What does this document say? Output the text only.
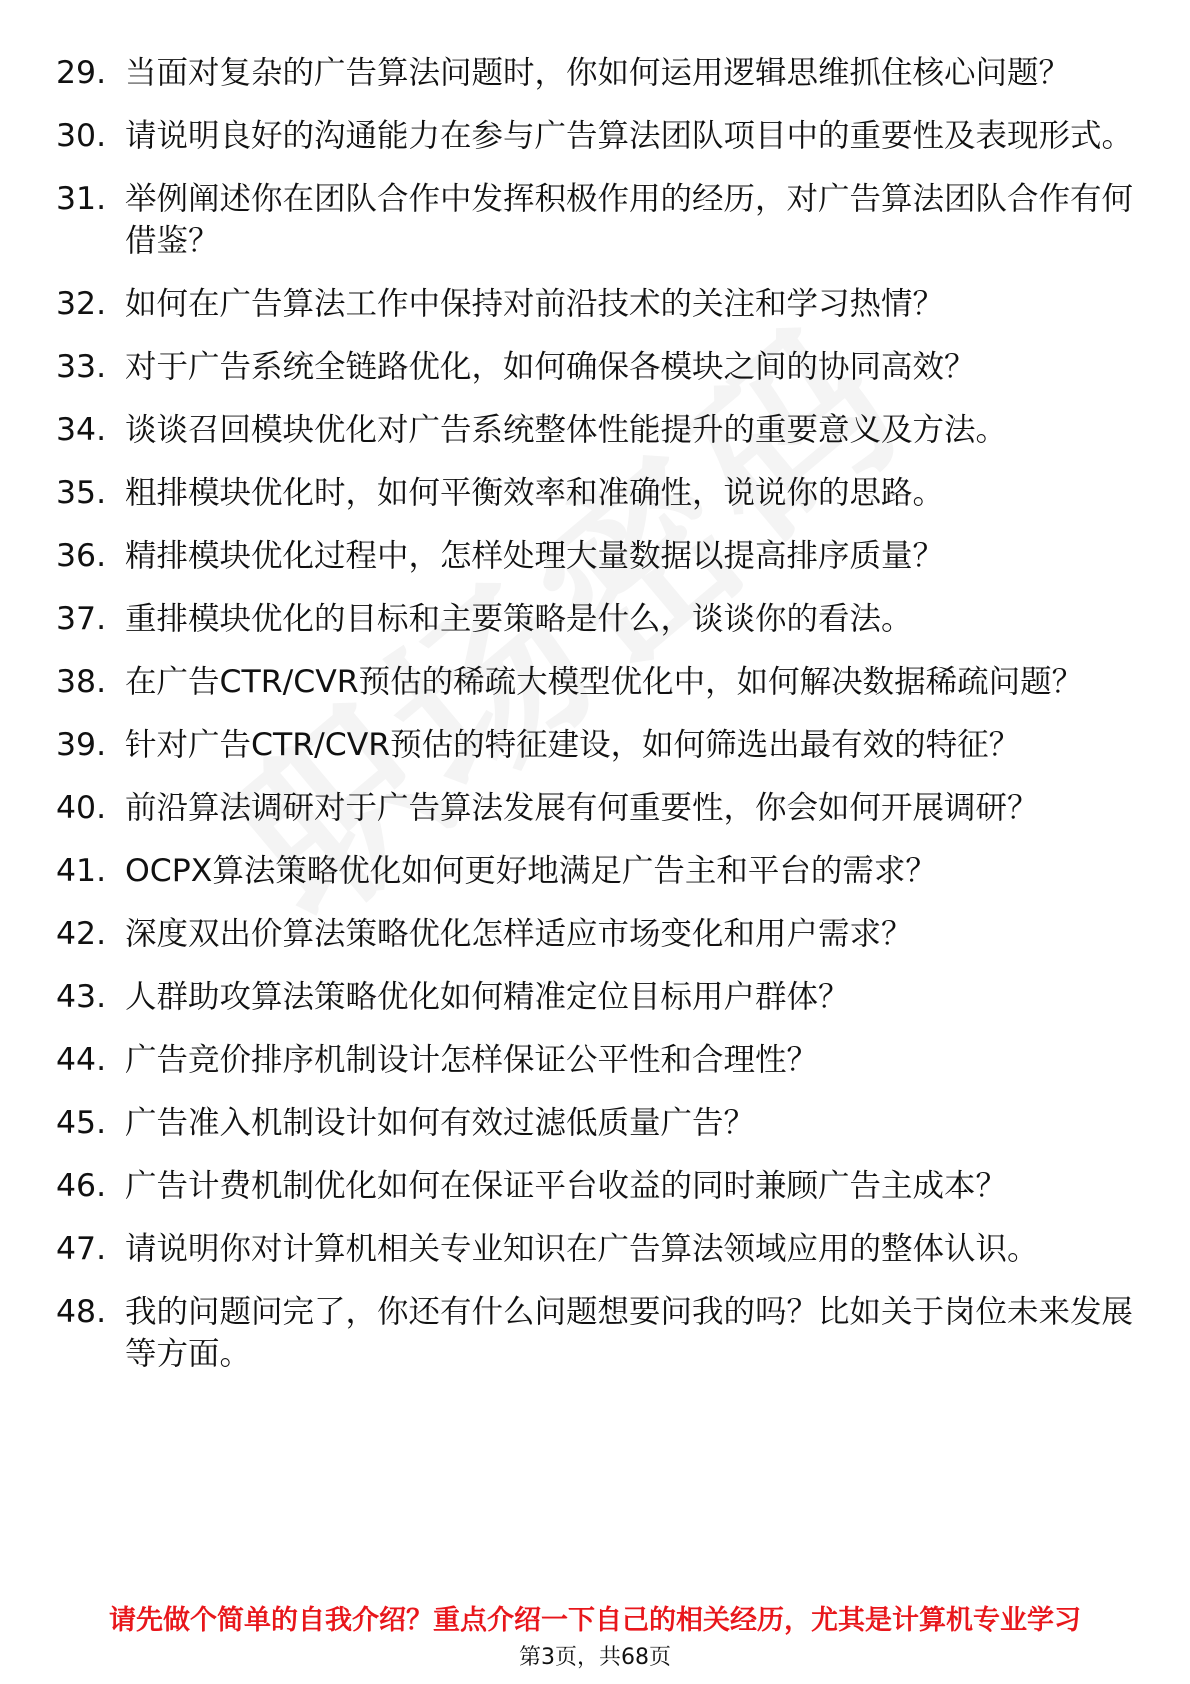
29. 当面对复杂的广告算法问题时，你如何运用逻辑思维抓住核心问题？
30. 请说明良好的沟通能力在参与广告算法团队项目中的重要性及表现形式。
31. 举例阐述你在团队合作中发挥积极作用的经历，对广告算法团队合作有何借鉴？
32. 如何在广告算法工作中保持对前沿技术的关注和学习热情？
33. 对于广告系统全链路优化，如何确保各模块之间的协同高效？
34. 谈谈召回模块优化对广告系统整体性能提升的重要意义及方法。
35. 粗排模块优化时，如何平衡效率和准确性，说说你的思路。
36. 精排模块优化过程中，怎样处理大量数据以提高排序质量？
37. 重排模块优化的目标和主要策略是什么，谈谈你的看法。
38. 在广告CTR/CVR预估的稀疏大模型优化中，如何解决数据稀疏问题？
39. 针对广告CTR/CVR预估的特征建设，如何筛选出最有效的特征？
40. 前沿算法调研对于广告算法发展有何重要性，你会如何开展调研？
41. OCPX算法策略优化如何更好地满足广告主和平台的需求？
42. 深度双出价算法策略优化怎样适应市场变化和用户需求？
43. 人群助攻算法策略优化如何精准定位目标用户群体？
44. 广告竞价排序机制设计怎样保证公平性和合理性？
45. 广告准入机制设计如何有效过滤低质量广告？
46. 广告计费机制优化如何在保证平台收益的同时兼顾广告主成本？
47. 请说明你对计算机相关专业知识在广告算法领域应用的整体认识。
48. 我的问题问完了，你还有什么问题想要问我的吗？比如关于岗位未来发展等方面。
请先做个简单的自我介绍？重点介绍一下自己的相关经历，尤其是计算机专业学习
第3页，共68页
